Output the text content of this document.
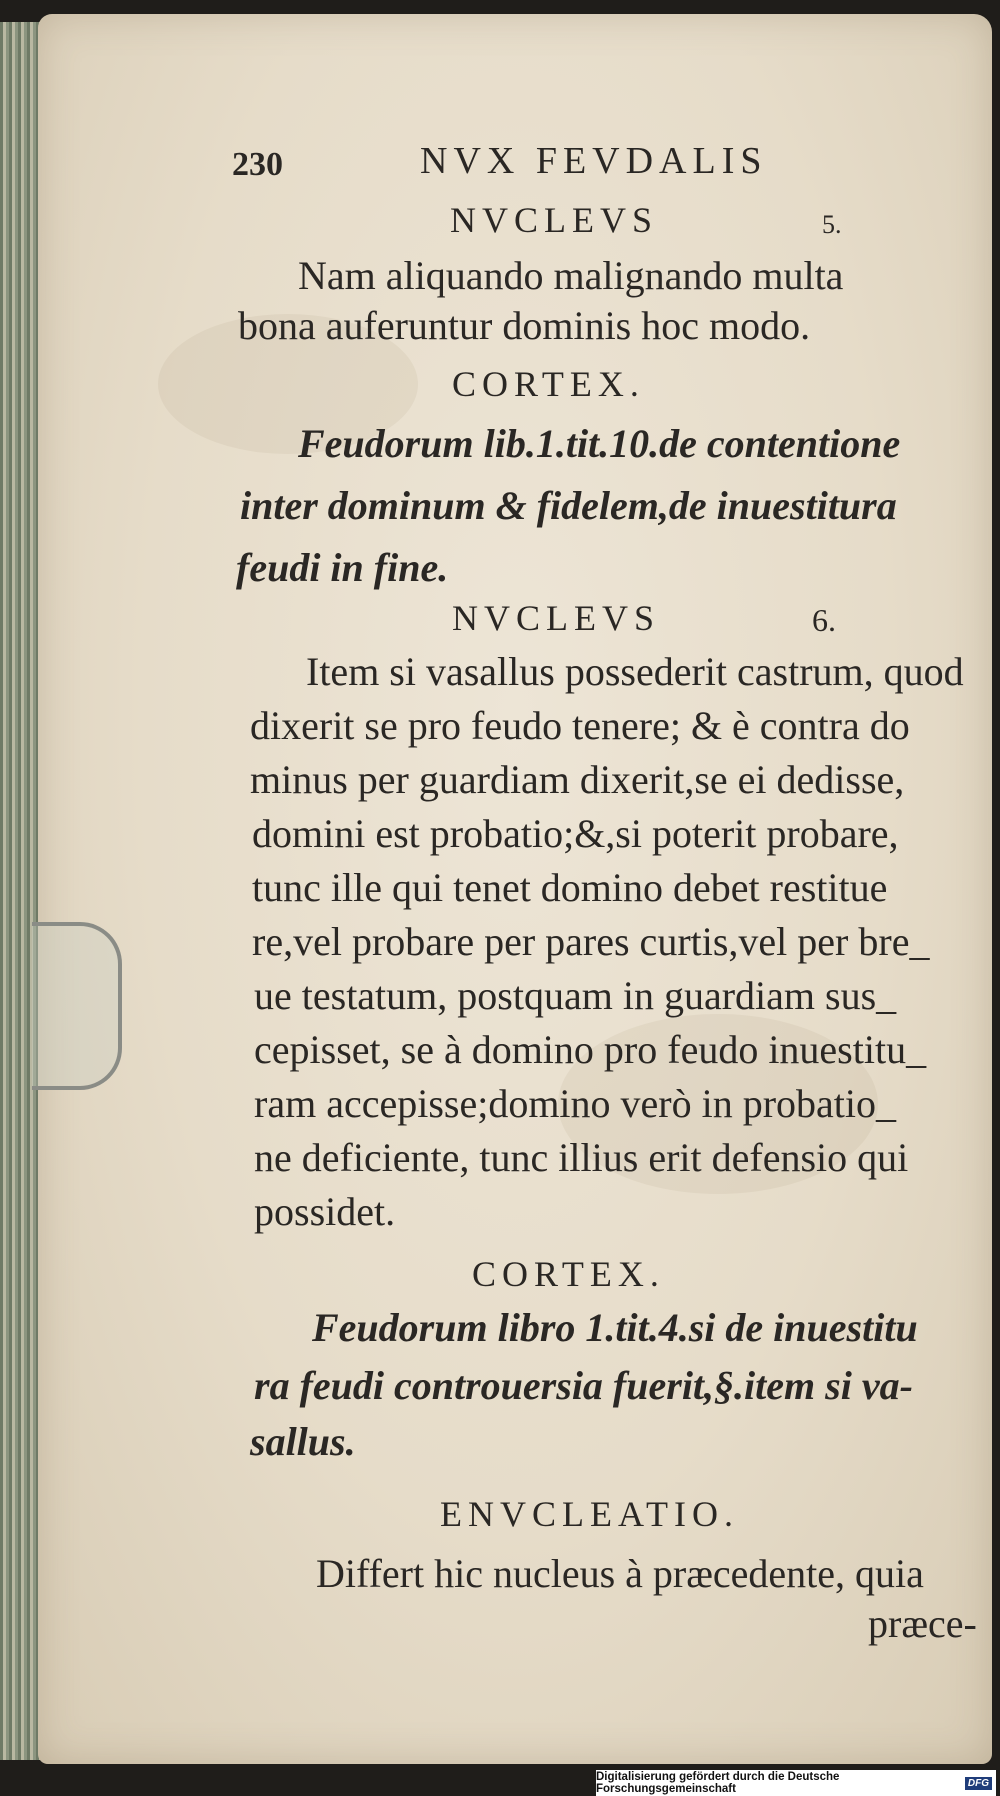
230	NVX FEVDALIS
NVCLEVS	5.
Nam aliquando malignando multa
bona auferuntur dominis hoc modo.
CORTEX.
Feudorum lib.1.tit.10.de contentione
inter dominum & fidelem,de inuestitura
feudi in fine.
NVCLEVS	6.
Item si vasallus possederit castrum, quod
dixerit se pro feudo tenere; & è contra do
minus per guardiam dixerit,se ei dedisse,
domini est probatio;&,si poterit probare,
tunc ille qui tenet domino debet restitue
re,vel probare per pares curtis,vel per bre_
ue testatum, postquam in guardiam sus_
cepisset, se à domino pro feudo inuestitu_
ram accepisse;domino verò in probatio_
ne deficiente, tunc illius erit defensio qui
possidet.
CORTEX.
Feudorum libro 1.tit.4.si de inuestitu
ra feudi controuersia fuerit,§.item si va-
sallus.
ENVCLEATIO.
Differt hic nucleus à præcedente, quia
præce-
Digitalisierung gefördert durch die Deutsche Forschungsgemeinschaft	DFG
